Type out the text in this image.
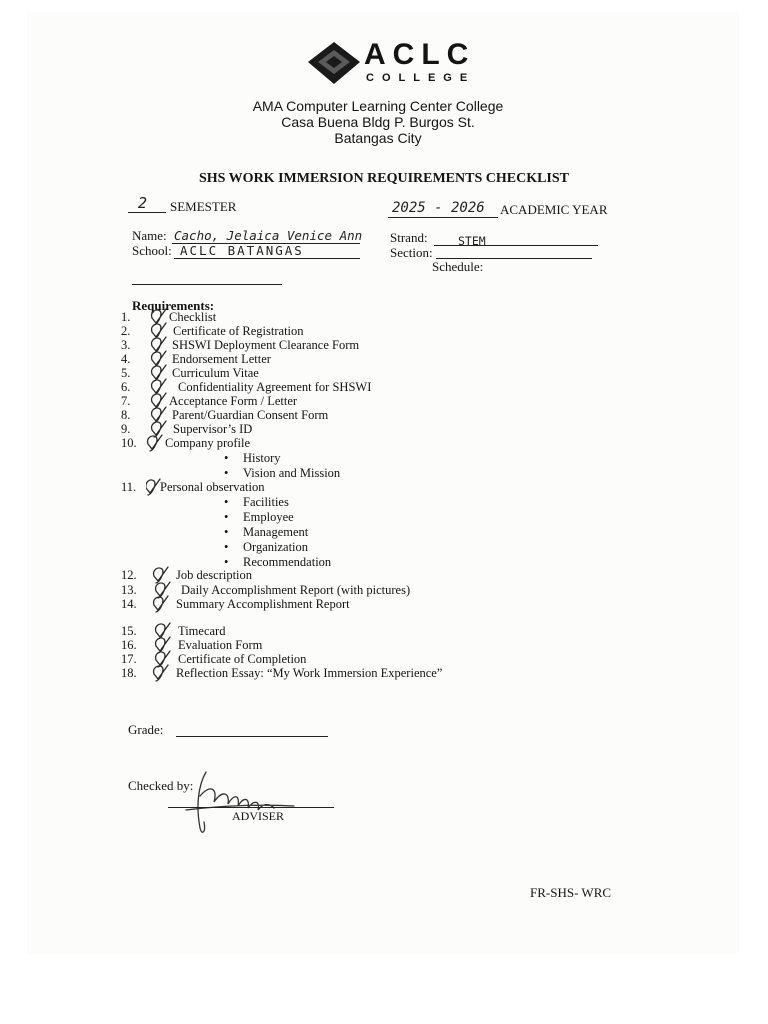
ACLC
COLLEGE
AMA Computer Learning Center College
Casa Buena Bldg P. Burgos St.
Batangas City
SHS WORK IMMERSION REQUIREMENTS CHECKLIST
2 SEMESTER	2025 - 2026 ACADEMIC YEAR
Name: Cacho, Jelaica Venice Ann
School: ACLC BATANGAS
Strand:	STEM
Section:
Schedule:
Requirements:
1.	Checklist
2.	Certificate of Registration
3.	SHSWI Deployment Clearance Form
4.	Endorsement Letter
5.	Curriculum Vitae
6.	Confidentiality Agreement for SHSWI
7.	Acceptance Form / Letter
8.	Parent/Guardian Consent Form
9.	Supervisor’s ID
10. Company profile
• History
• Vision and Mission
11. Personal observation
• Facilities
• Employee
• Management
• Organization
• Recommendation
12.	Job description
13.	Daily Accomplishment Report (with pictures)
14.	Summary Accomplishment Report
15.	Timecard
16.	Evaluation Form
17.	Certificate of Completion
18.	Reflection Essay: “My Work Immersion Experience”
Grade:
Checked by:
ADVISER
FR-SHS- WRC
